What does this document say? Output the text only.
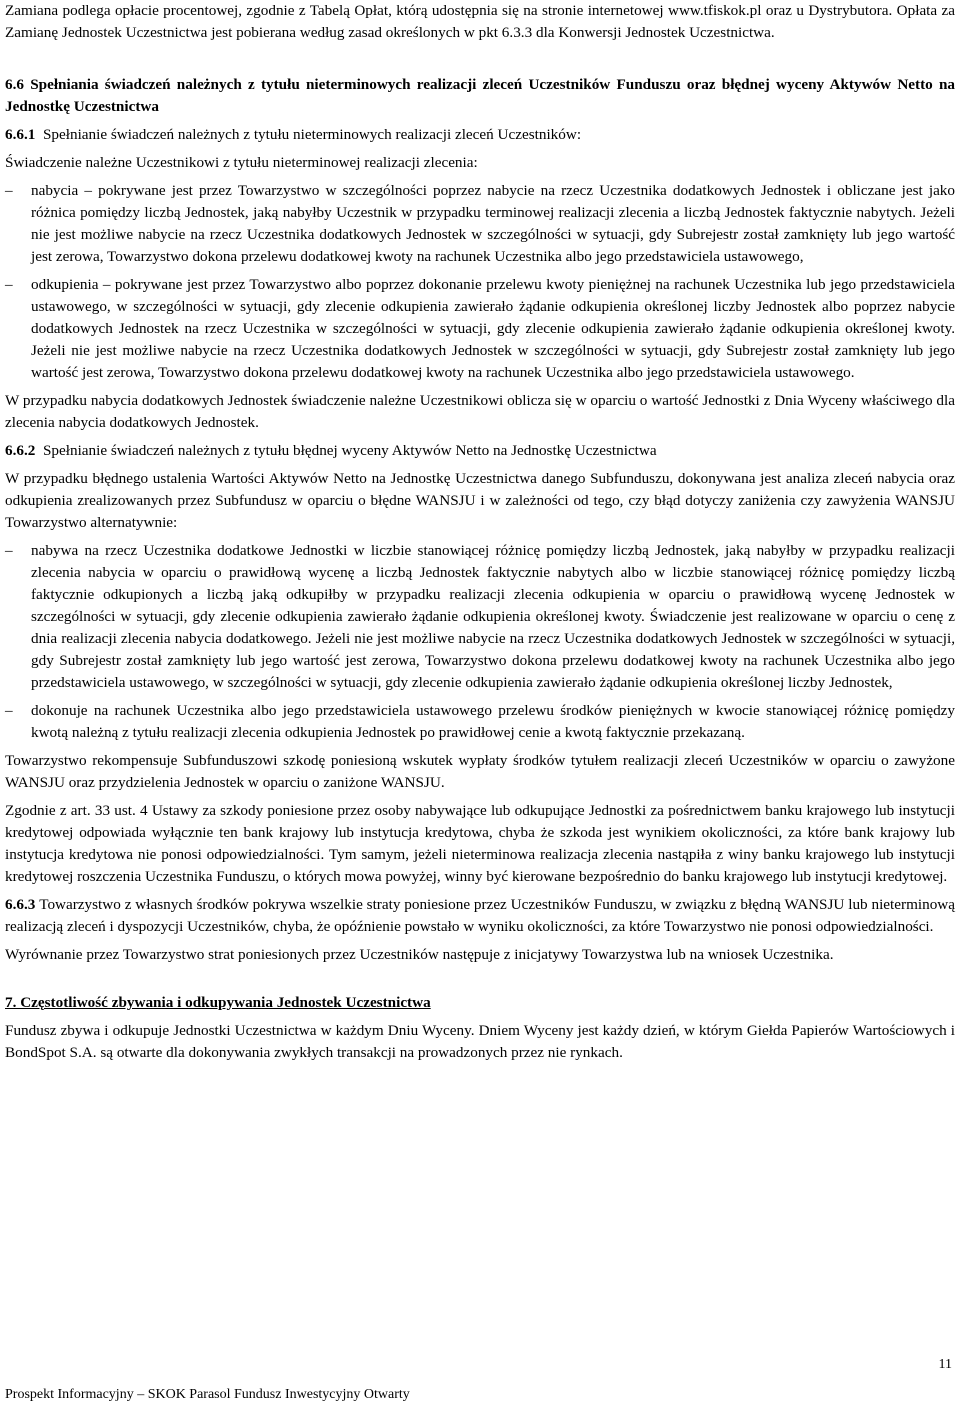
Zamiana podlega opłacie procentowej, zgodnie z Tabelą Opłat, którą udostępnia się na stronie internetowej www.tfiskok.pl oraz u Dystrybutora. Opłata za Zamianę Jednostek Uczestnictwa jest pobierana według zasad określonych w pkt 6.3.3 dla Konwersji Jednostek Uczestnictwa.

6.6 Spełniania świadczeń należnych z tytułu nieterminowych realizacji zleceń Uczestników Funduszu oraz błędnej wyceny Aktywów Netto na Jednostkę Uczestnictwa

6.6.1 Spełnianie świadczeń należnych z tytułu nieterminowych realizacji zleceń Uczestników:

Świadczenie należne Uczestnikowi z tytułu nieterminowej realizacji zlecenia:

– nabycia – pokrywane jest przez Towarzystwo w szczególności poprzez nabycie na rzecz Uczestnika dodatkowych Jednostek i obliczane jest jako różnica pomiędzy liczbą Jednostek, jaką nabyłby Uczestnik w przypadku terminowej realizacji zlecenia a liczbą Jednostek faktycznie nabytych. Jeżeli nie jest możliwe nabycie na rzecz Uczestnika dodatkowych Jednostek w szczególności w sytuacji, gdy Subrejestr został zamknięty lub jego wartość jest zerowa, Towarzystwo dokona przelewu dodatkowej kwoty na rachunek Uczestnika albo jego przedstawiciela ustawowego,
– odkupienia – pokrywane jest przez Towarzystwo albo poprzez dokonanie przelewu kwoty pieniężnej na rachunek Uczestnika lub jego przedstawiciela ustawowego, w szczególności w sytuacji, gdy zlecenie odkupienia zawierało żądanie odkupienia określonej liczby Jednostek albo poprzez nabycie dodatkowych Jednostek na rzecz Uczestnika w szczególności w sytuacji, gdy zlecenie odkupienia zawierało żądanie odkupienia określonej kwoty. Jeżeli nie jest możliwe nabycie na rzecz Uczestnika dodatkowych Jednostek w szczególności w sytuacji, gdy Subrejestr został zamknięty lub jego wartość jest zerowa, Towarzystwo dokona przelewu dodatkowej kwoty na rachunek Uczestnika albo jego przedstawiciela ustawowego.

W przypadku nabycia dodatkowych Jednostek świadczenie należne Uczestnikowi oblicza się w oparciu o wartość Jednostki z Dnia Wyceny właściwego dla zlecenia nabycia dodatkowych Jednostek.

6.6.2 Spełnianie świadczeń należnych z tytułu błędnej wyceny Aktywów Netto na Jednostkę Uczestnictwa

W przypadku błędnego ustalenia Wartości Aktywów Netto na Jednostkę Uczestnictwa danego Subfunduszu, dokonywana jest analiza zleceń nabycia oraz odkupienia zrealizowanych przez Subfundusz w oparciu o błędne WANSJU i w zależności od tego, czy błąd dotyczy zaniżenia czy zawyżenia WANSJU Towarzystwo alternatywnie:

– nabywa na rzecz Uczestnika dodatkowe Jednostki w liczbie stanowiącej różnicę pomiędzy liczbą Jednostek, jaką nabyłby w przypadku realizacji zlecenia nabycia w oparciu o prawidłową wycenę a liczbą Jednostek faktycznie nabytych albo w liczbie stanowiącej różnicę pomiędzy liczbą faktycznie odkupionych a liczbą jaką odkupiłby w przypadku realizacji zlecenia odkupienia w oparciu o prawidłową wycenę Jednostek w szczególności w sytuacji, gdy zlecenie odkupienia zawierało żądanie odkupienia określonej kwoty. Świadczenie jest realizowane w oparciu o cenę z dnia realizacji zlecenia nabycia dodatkowego. Jeżeli nie jest możliwe nabycie na rzecz Uczestnika dodatkowych Jednostek w szczególności w sytuacji, gdy Subrejestr został zamknięty lub jego wartość jest zerowa, Towarzystwo dokona przelewu dodatkowej kwoty na rachunek Uczestnika albo jego przedstawiciela ustawowego, w szczególności w sytuacji, gdy zlecenie odkupienia zawierało żądanie odkupienia określonej liczby Jednostek,
– dokonuje na rachunek Uczestnika albo jego przedstawiciela ustawowego przelewu środków pieniężnych w kwocie stanowiącej różnicę pomiędzy kwotą należną z tytułu realizacji zlecenia odkupienia Jednostek po prawidłowej cenie a kwotą faktycznie przekazaną.

Towarzystwo rekompensuje Subfunduszowi szkodę poniesioną wskutek wypłaty środków tytułem realizacji zleceń Uczestników w oparciu o zawyżone WANSJU oraz przydzielenia Jednostek w oparciu o zaniżone WANSJU.

Zgodnie z art. 33 ust. 4 Ustawy za szkody poniesione przez osoby nabywające lub odkupujące Jednostki za pośrednictwem banku krajowego lub instytucji kredytowej odpowiada wyłącznie ten bank krajowy lub instytucja kredytowa, chyba że szkoda jest wynikiem okoliczności, za które bank krajowy lub instytucja kredytowa nie ponosi odpowiedzialności. Tym samym, jeżeli nieterminowa realizacja zlecenia nastąpiła z winy banku krajowego lub instytucji kredytowej roszczenia Uczestnika Funduszu, o których mowa powyżej, winny być kierowane bezpośrednio do banku krajowego lub instytucji kredytowej.

6.6.3 Towarzystwo z własnych środków pokrywa wszelkie straty poniesione przez Uczestników Funduszu, w związku z błędną WANSJU lub nieterminową realizacją zleceń i dyspozycji Uczestników, chyba, że opóźnienie powstało w wyniku okoliczności, za które Towarzystwo nie ponosi odpowiedzialności.

Wyrównanie przez Towarzystwo strat poniesionych przez Uczestników następuje z inicjatywy Towarzystwa lub na wniosek Uczestnika.

7. Częstotliwość zbywania i odkupywania Jednostek Uczestnictwa

Fundusz zbywa i odkupuje Jednostki Uczestnictwa w każdym Dniu Wyceny. Dniem Wyceny jest każdy dzień, w którym Giełda Papierów Wartościowych i BondSpot S.A. są otwarte dla dokonywania zwykłych transakcji na prowadzonych przez nie rynkach.

11
Prospekt Informacyjny – SKOK Parasol Fundusz Inwestycyjny Otwarty
